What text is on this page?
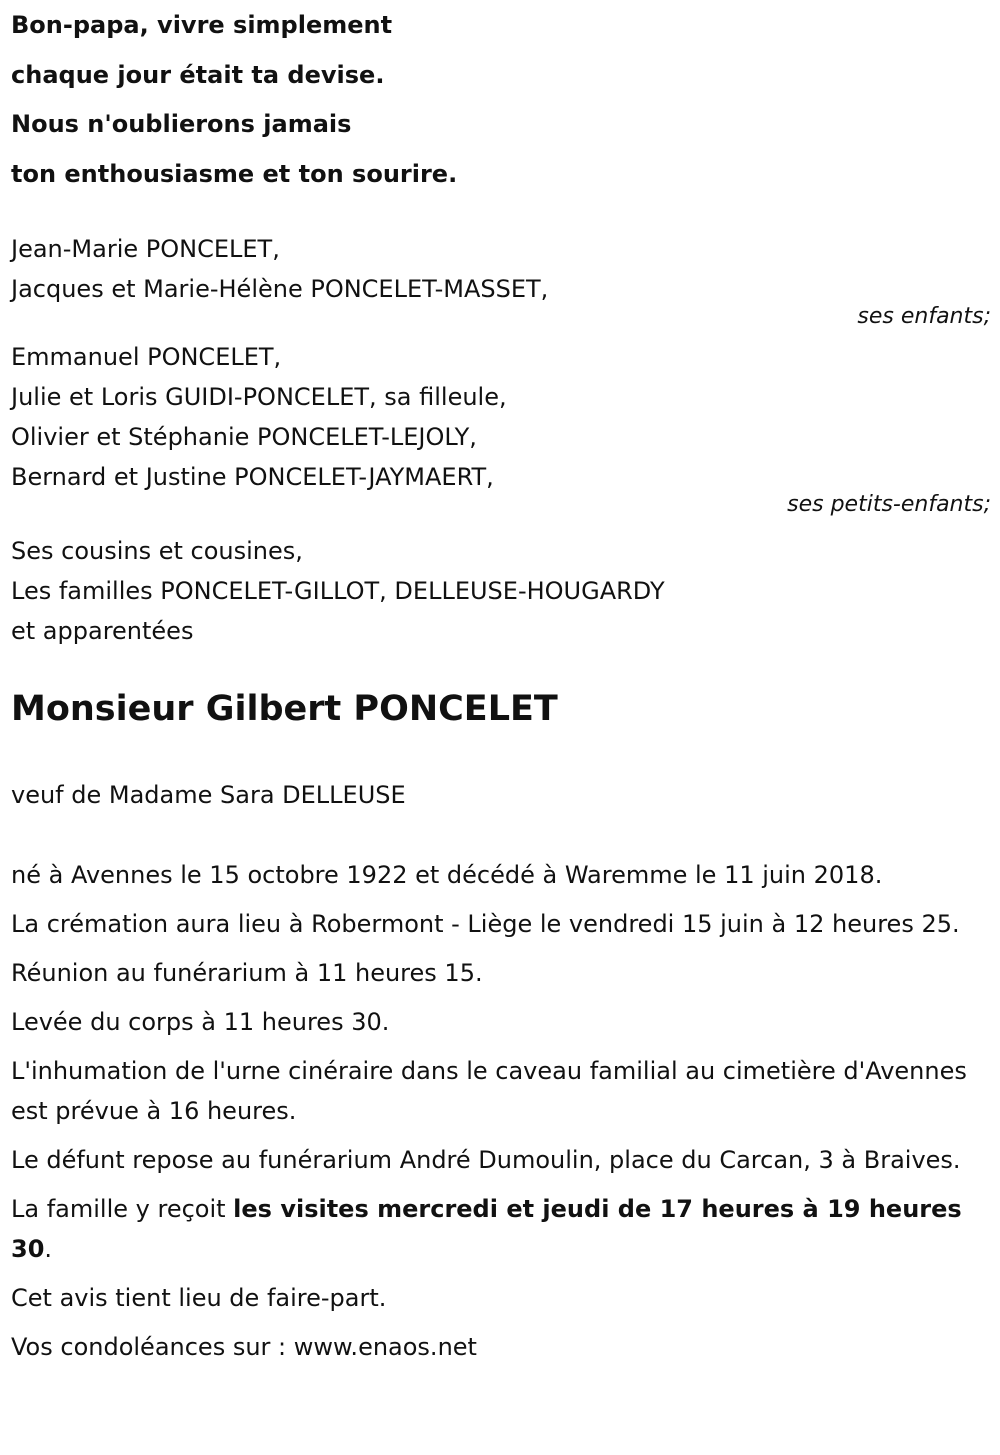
Bon-papa, vivre simplement
chaque jour était ta devise.
Nous n'oublierons jamais
ton enthousiasme et ton sourire.
Jean-Marie PONCELET,
Jacques et Marie-Hélène PONCELET-MASSET,
ses enfants;
Emmanuel PONCELET,
Julie et Loris GUIDI-PONCELET, sa filleule,
Olivier et Stéphanie PONCELET-LEJOLY,
Bernard et Justine PONCELET-JAYMAERT,
ses petits-enfants;
Ses cousins et cousines,
Les familles PONCELET-GILLOT, DELLEUSE-HOUGARDY
et apparentées
Monsieur Gilbert PONCELET
veuf de Madame Sara DELLEUSE
né à Avennes le 15 octobre 1922 et décédé à Waremme le 11 juin 2018.
La crémation aura lieu à Robermont - Liège le vendredi 15 juin à 12 heures 25.
Réunion au funérarium à 11 heures 15.
Levée du corps à 11 heures 30.
L'inhumation de l'urne cinéraire dans le caveau familial au cimetière d'Avennes est prévue à 16 heures.
Le défunt repose au funérarium André Dumoulin, place du Carcan, 3 à Braives.
La famille y reçoit les visites mercredi et jeudi de 17 heures à 19 heures 30.
Cet avis tient lieu de faire-part.
Vos condoléances sur : www.enaos.net
